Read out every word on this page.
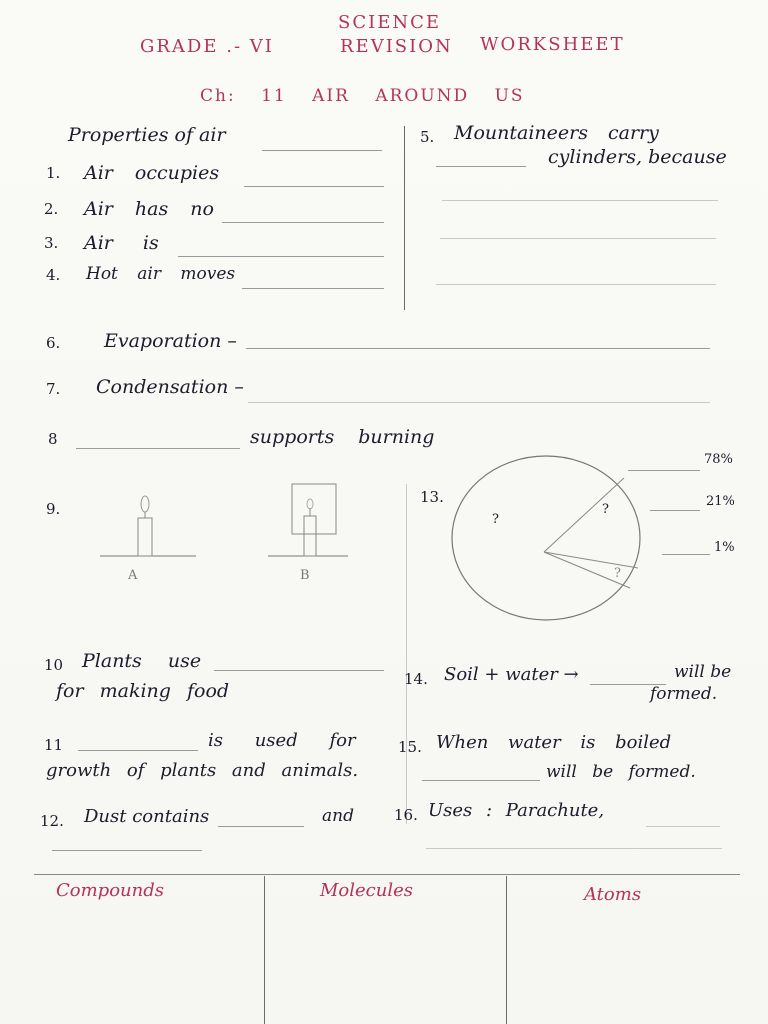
SCIENCE
GRADE .- VI	REVISION WORKSHEET
Ch: 11 AIR AROUND US
Properties of air
1. Air occupies
2. Air has no
3. Air is
4. Hot air moves
5. Mountaineers carry
cylinders, because
6. Evaporation –
7. Condensation –
8	supports burning
9.
A	B
13.
?
?
?
78%
21%
1%
10 Plants use
for making food
14. Soil + water →	will be
formed.
11	is used for
growth of plants and animals.
15. When water is boiled
will be formed.
12. Dust contains	and	16. Uses : Parachute,
Compounds	Molecules	Atoms
